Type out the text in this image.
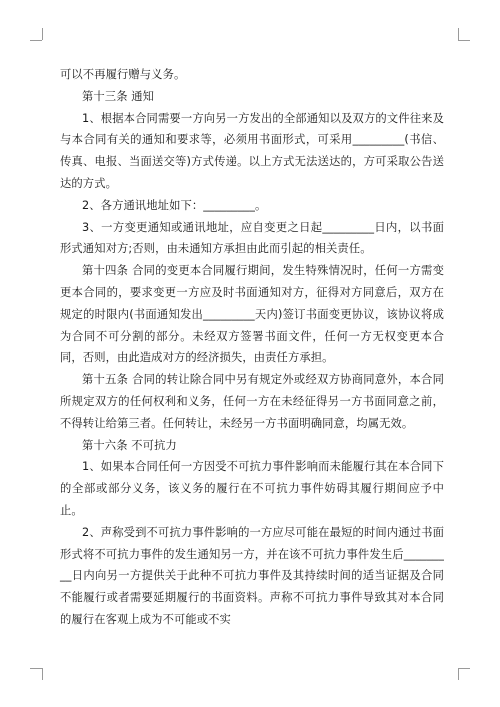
可以不再履行赠与义务。

第十三条 通知

1、根据本合同需要一方向另一方发出的全部通知以及双方的文件往来及与本合同有关的通知和要求等，必须用书面形式，可采用_________(书信、传真、电报、当面送交等)方式传递。以上方式无法送达的，方可采取公告送达的方式。

2、各方通讯地址如下：_________。

3、一方变更通知或通讯地址，应自变更之日起_________日内，以书面形式通知对方;否则，由未通知方承担由此而引起的相关责任。

第十四条 合同的变更本合同履行期间，发生特殊情况时，任何一方需变更本合同的，要求变更一方应及时书面通知对方，征得对方同意后，双方在规定的时限内(书面通知发出_________天内)签订书面变更协议，该协议将成为合同不可分割的部分。未经双方签署书面文件，任何一方无权变更本合同，否则，由此造成对方的经济损失，由责任方承担。

第十五条 合同的转让除合同中另有规定外或经双方协商同意外，本合同所规定双方的任何权利和义务，任何一方在未经征得另一方书面同意之前，不得转让给第三者。任何转让，未经另一方书面明确同意，均属无效。

第十六条 不可抗力

1、如果本合同任何一方因受不可抗力事件影响而未能履行其在本合同下的全部或部分义务，该义务的履行在不可抗力事件妨碍其履行期间应予中止。

2、声称受到不可抗力事件影响的一方应尽可能在最短的时间内通过书面形式将不可抗力事件的发生通知另一方，并在该不可抗力事件发生后_________日内向另一方提供关于此种不可抗力事件及其持续时间的适当证据及合同不能履行或者需要延期履行的书面资料。声称不可抗力事件导致其对本合同的履行在客观上成为不可能或不实
